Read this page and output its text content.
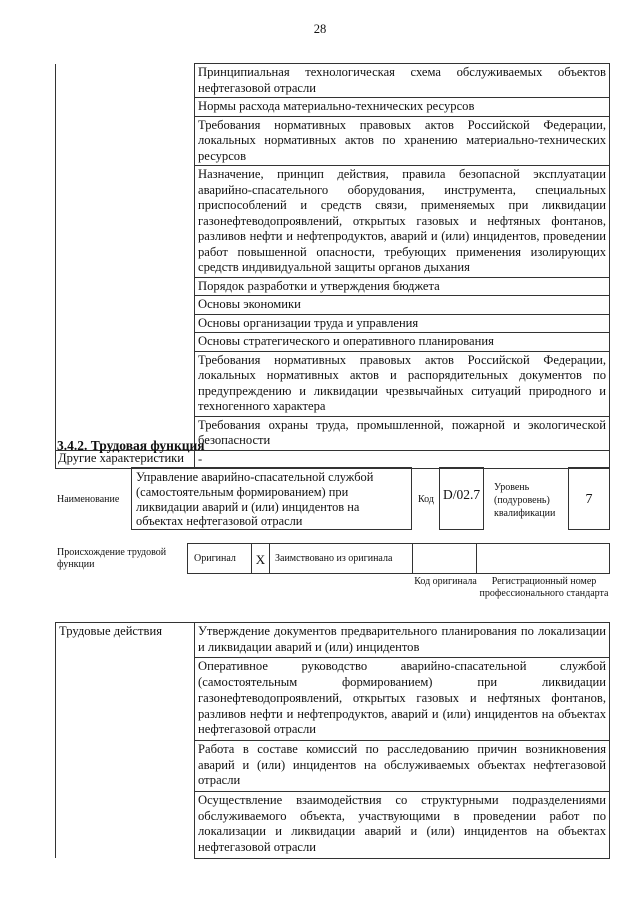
28
	Принципиальная технологическая схема обслуживаемых объектов нефтегазовой отрасли
	Нормы расхода материально-технических ресурсов
	Требования нормативных правовых актов Российской Федерации, локальных нормативных актов по хранению материально-технических ресурсов
	Назначение, принцип действия, правила безопасной эксплуатации аварийно-спасательного оборудования, инструмента, специальных приспособлений и средств связи, применяемых при ликвидации газонефтеводопроявлений, открытых газовых и нефтяных фонтанов, разливов нефти и нефтепродуктов, аварий и (или) инцидентов, проведении работ повышенной опасности, требующих применения изолирующих средств индивидуальной защиты органов дыхания
	Порядок разработки и утверждения бюджета
	Основы экономики
	Основы организации труда и управления
	Основы стратегического и оперативного планирования
	Требования нормативных правовых актов Российской Федерации, локальных нормативных актов и распорядительных документов по предупреждению и ликвидации чрезвычайных ситуаций природного и техногенного характера
	Требования охраны труда, промышленной, пожарной и экологической безопасности
Другие характеристики	-
3.4.2. Трудовая функция
Наименование
Управление аварийно-спасательной службой (самостоятельным формированием) при ликвидации аварий и (или) инцидентов на объектах нефтегазовой отрасли
Код D/02.7	Уровень (подуровень) квалификации
7
Происхождение трудовой функции
Оригинал	X Заимствовано из оригинала
Код оригинала	Регистрационный номер профессионального стандарта
Трудовые действия	Утверждение документов предварительного планирования по локализации и ликвидации аварий и (или) инцидентов
Оперативное руководство аварийно-спасательной службой (самостоятельным формированием) при ликвидации газонефтеводопроявлений, открытых газовых и нефтяных фонтанов, разливов нефти и нефтепродуктов, аварий и (или) инцидентов на объектах нефтегазовой отрасли
Работа в составе комиссий по расследованию причин возникновения аварий и (или) инцидентов на обслуживаемых объектах нефтегазовой отрасли
Осуществление взаимодействия со структурными подразделениями обслуживаемого объекта, участвующими в проведении работ по локализации и ликвидации аварий и (или) инцидентов на объектах нефтегазовой отрасли
